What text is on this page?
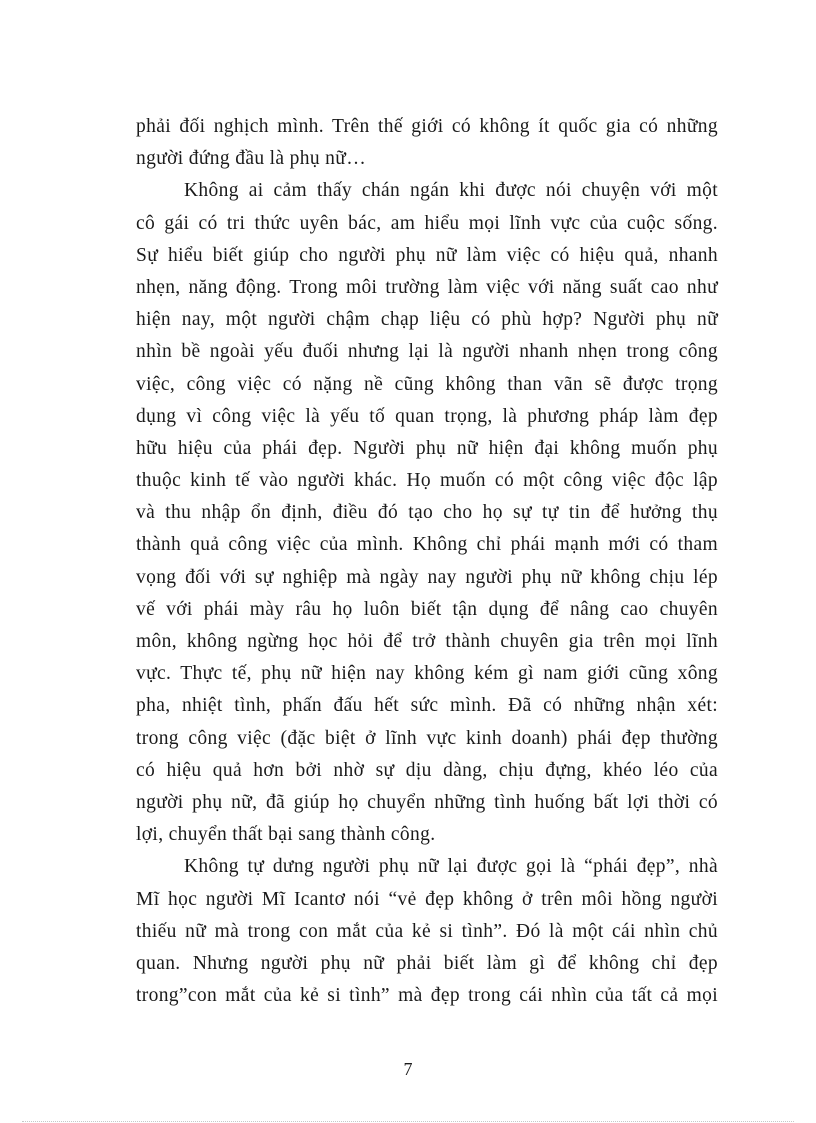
phải đối nghịch mình. Trên thế giới có không ít quốc gia có những
người đứng đầu là phụ nữ…
Không ai cảm thấy chán ngán khi được nói chuyện với một
cô gái có tri thức uyên bác, am hiểu mọi lĩnh vực của cuộc sống.
Sự hiểu biết giúp cho người phụ nữ làm việc có hiệu quả, nhanh
nhẹn, năng động. Trong môi trường làm việc với năng suất cao như
hiện nay, một người chậm chạp liệu có phù hợp? Người phụ nữ
nhìn bề ngoài yếu đuối nhưng lại là người nhanh nhẹn trong công
việc, công việc có nặng nề cũng không than vãn sẽ được trọng
dụng vì công việc là yếu tố quan trọng, là phương pháp làm đẹp
hữu hiệu của phái đẹp. Người phụ nữ hiện đại không muốn phụ
thuộc kinh tế vào người khác. Họ muốn có một công việc độc lập
và thu nhập ổn định, điều đó tạo cho họ sự tự tin để hưởng thụ
thành quả công việc của mình. Không chỉ phái mạnh mới có tham
vọng đối với sự nghiệp mà ngày nay người phụ nữ không chịu lép
vế với phái mày râu họ luôn biết tận dụng để nâng cao chuyên
môn, không ngừng học hỏi để trở thành chuyên gia trên mọi lĩnh
vực. Thực tế, phụ nữ hiện nay không kém gì nam giới cũng xông
pha, nhiệt tình, phấn đấu hết sức mình. Đã có những nhận xét:
trong công việc (đặc biệt ở lĩnh vực kinh doanh) phái đẹp thường
có hiệu quả hơn bởi nhờ sự dịu dàng, chịu đựng, khéo léo của
người phụ nữ, đã giúp họ chuyển những tình huống bất lợi thời có
lợi, chuyển thất bại sang thành công.
Không tự dưng người phụ nữ lại được gọi là “phái đẹp”, nhà
Mĩ học người Mĩ Icantơ nói “vẻ đẹp không ở trên môi hồng người
thiếu nữ mà trong con mắt của kẻ si tình”. Đó là một cái nhìn chủ
quan. Nhưng người phụ nữ phải biết làm gì để không chỉ đẹp
trong”con mắt của kẻ si tình” mà đẹp trong cái nhìn của tất cả mọi
7
